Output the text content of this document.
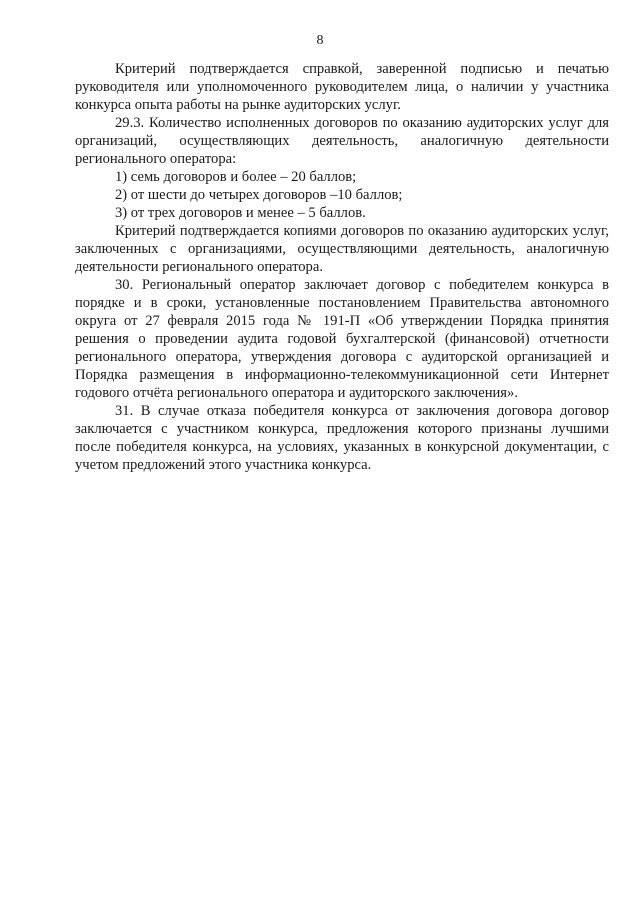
8

Критерий подтверждается справкой, заверенной подписью и печатью руководителя или уполномоченного руководителем лица, о наличии у участника конкурса опыта работы на рынке аудиторских услуг.

29.3. Количество исполненных договоров по оказанию аудиторских услуг для организаций, осуществляющих деятельность, аналогичную деятельности регионального оператора:

1) семь договоров и более – 20 баллов;

2) от шести до четырех договоров –10 баллов;

3) от трех договоров и менее – 5 баллов.

Критерий подтверждается копиями договоров по оказанию аудиторских услуг, заключенных с организациями, осуществляющими деятельность, аналогичную деятельности регионального оператора.

30. Региональный оператор заключает договор с победителем конкурса в порядке и в сроки, установленные постановлением Правительства автономного округа от 27 февраля 2015 года № 191-П «Об утверждении Порядка принятия решения о проведении аудита годовой бухгалтерской (финансовой) отчетности регионального оператора, утверждения договора с аудиторской организацией и Порядка размещения в информационно-телекоммуникационной сети Интернет годового отчёта регионального оператора и аудиторского заключения».

31. В случае отказа победителя конкурса от заключения договора договор заключается с участником конкурса, предложения которого признаны лучшими после победителя конкурса, на условиях, указанных в конкурсной документации, с учетом предложений этого участника конкурса.
